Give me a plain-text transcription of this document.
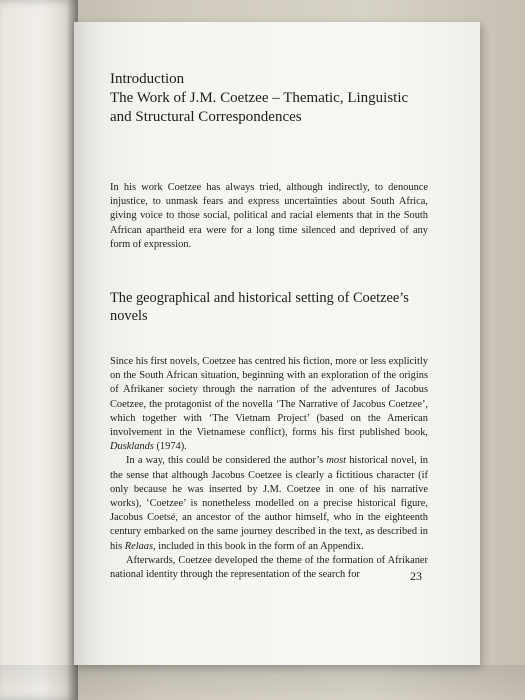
Introduction
The Work of J.M. Coetzee – Thematic, Linguistic
and Structural Correspondences
In his work Coetzee has always tried, although indirectly, to denounce injustice, to unmask fears and express uncertainties about South Africa, giving voice to those social, political and racial elements that in the South African apartheid era were for a long time silenced and deprived of any form of expression.
The geographical and historical setting of Coetzee’s novels

Since his first novels, Coetzee has centred his fiction, more or less explicitly on the South African situation, beginning with an exploration of the origins of Afrikaner society through the narration of the adventures of Jacobus Coetzee, the protagonist of the novella ‘The Narrative of Jacobus Coetzee’, which together with ‘The Vietnam Project’ (based on the American involvement in the Vietnamese conflict), forms his first published book, Dusklands (1974).

In a way, this could be considered the author’s most historical novel, in the sense that although Jacobus Coetzee is clearly a fictitious character (if only because he was inserted by J.M. Coetzee in one of his narrative works), ‘Coetzee’ is nonetheless modelled on a precise historical figure, Jacobus Coetsé, an ancestor of the author himself, who in the eighteenth century embarked on the same journey described in the text, as described in his Relaas, included in this book in the form of an Appendix.

Afterwards, Coetzee developed the theme of the formation of Afrikaner national identity through the representation of the search for	23
